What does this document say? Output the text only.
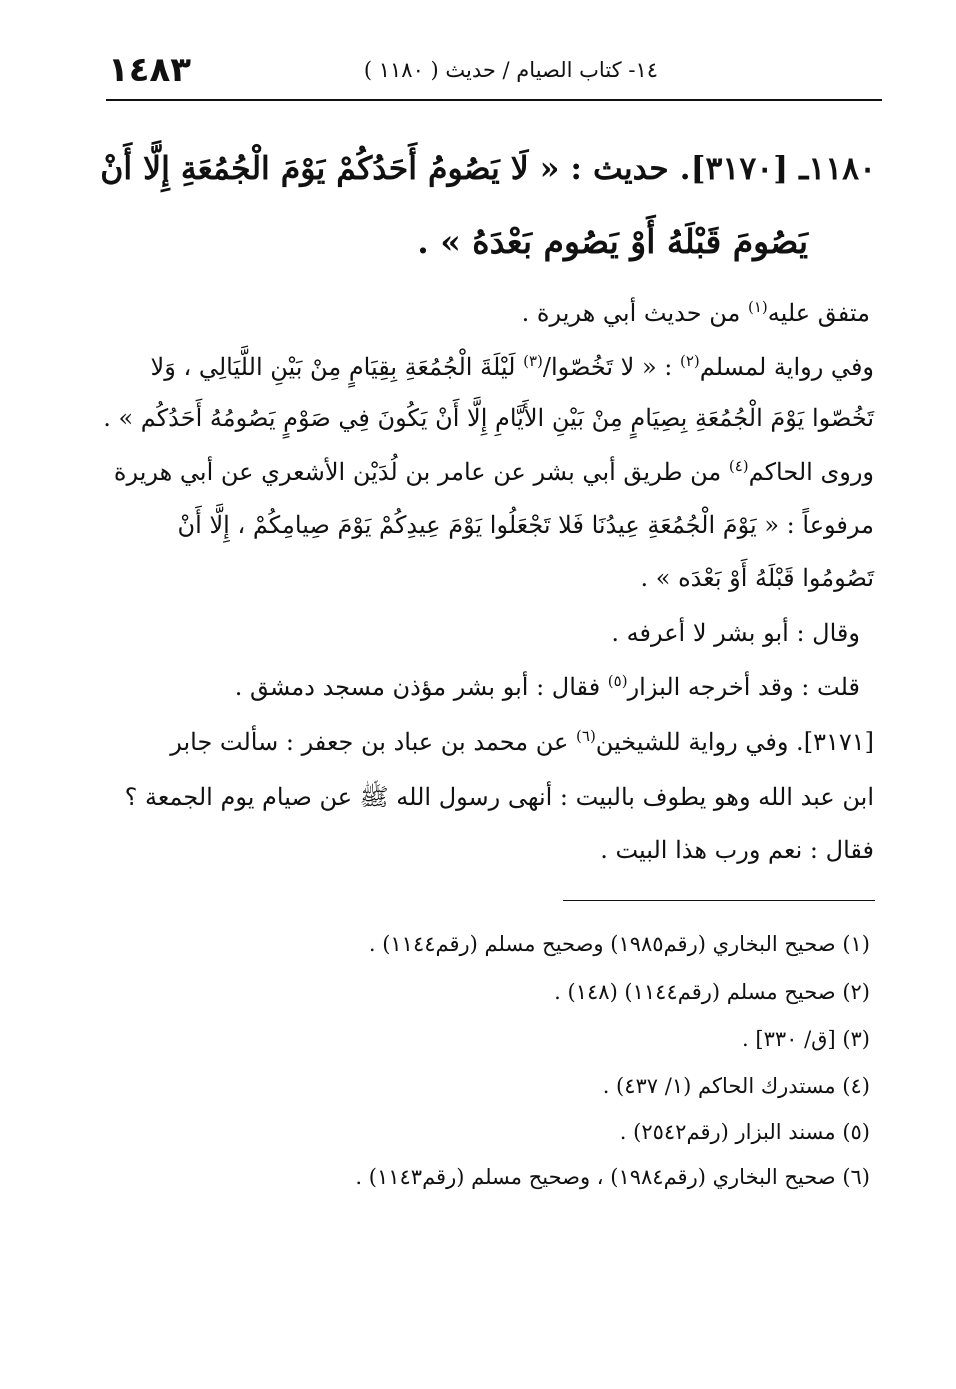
١٤٨٣	١٤- كتاب الصيام / حديث ( ١١٨٠ )
١١٨٠ـ [٣١٧٠]. حديث : « لَا يَصُومُ أَحَدُكُمْ يَوْمَ الْجُمُعَةِ إِلَّا أَنْ
يَصُومَ قَبْلَهُ أَوْ يَصُوم بَعْدَهُ » .
متفق عليه$^{(١)}$ من حديث أبي هريرة .
وفي رواية لمسلم$^{(٢)}$ : « لا تَخُصّوا/$^{(٣)}$ لَيْلَةَ الْجُمُعَةِ بِقِيَامٍ مِنْ بَيْنِ اللَّيَالِي ، وَلا
تَخُصّوا يَوْمَ الْجُمُعَةِ بِصِيَامٍ مِنْ بَيْنِ الأَيَّامِ إِلَّا أَنْ يَكُونَ فِي صَوْمٍ يَصُومُهُ أَحَدُكُم » .
وروى الحاكم$^{(٤)}$ من طريق أبي بشر عن عامر بن لُدَيْن الأشعري عن أبي هريرة
مرفوعاً : « يَوْمَ الْجُمُعَةِ عِيدُنَا فَلا تَجْعَلُوا يَوْمَ عِيدِكُمْ يَوْمَ صِيامِكُمْ ، إِلَّا أَنْ
تَصُومُوا قَبْلَهُ أَوْ بَعْدَه » .
وقال : أبو بشر لا أعرفه .
قلت : وقد أخرجه البزار$^{(٥)}$ فقال : أبو بشر مؤذن مسجد دمشق .
[٣١٧١]. وفي رواية للشيخين$^{(٦)}$ عن محمد بن عباد بن جعفر : سألت جابر
ابن عبد الله وهو يطوف بالبيت : أنهى رسول الله ﷺ عن صيام يوم الجمعة ؟
فقال : نعم ورب هذا البيت .
(١) صحيح البخاري (رقم١٩٨٥) وصحيح مسلم (رقم١١٤٤) .
(٢) صحيح مسلم (رقم١١٤٤) (١٤٨) .
(٣) [ق/ ٣٣٠] .
(٤) مستدرك الحاكم (١/ ٤٣٧) .
(٥) مسند البزار (رقم٢٥٤٢) .
(٦) صحيح البخاري (رقم١٩٨٤) ، وصحيح مسلم (رقم١١٤٣) .
